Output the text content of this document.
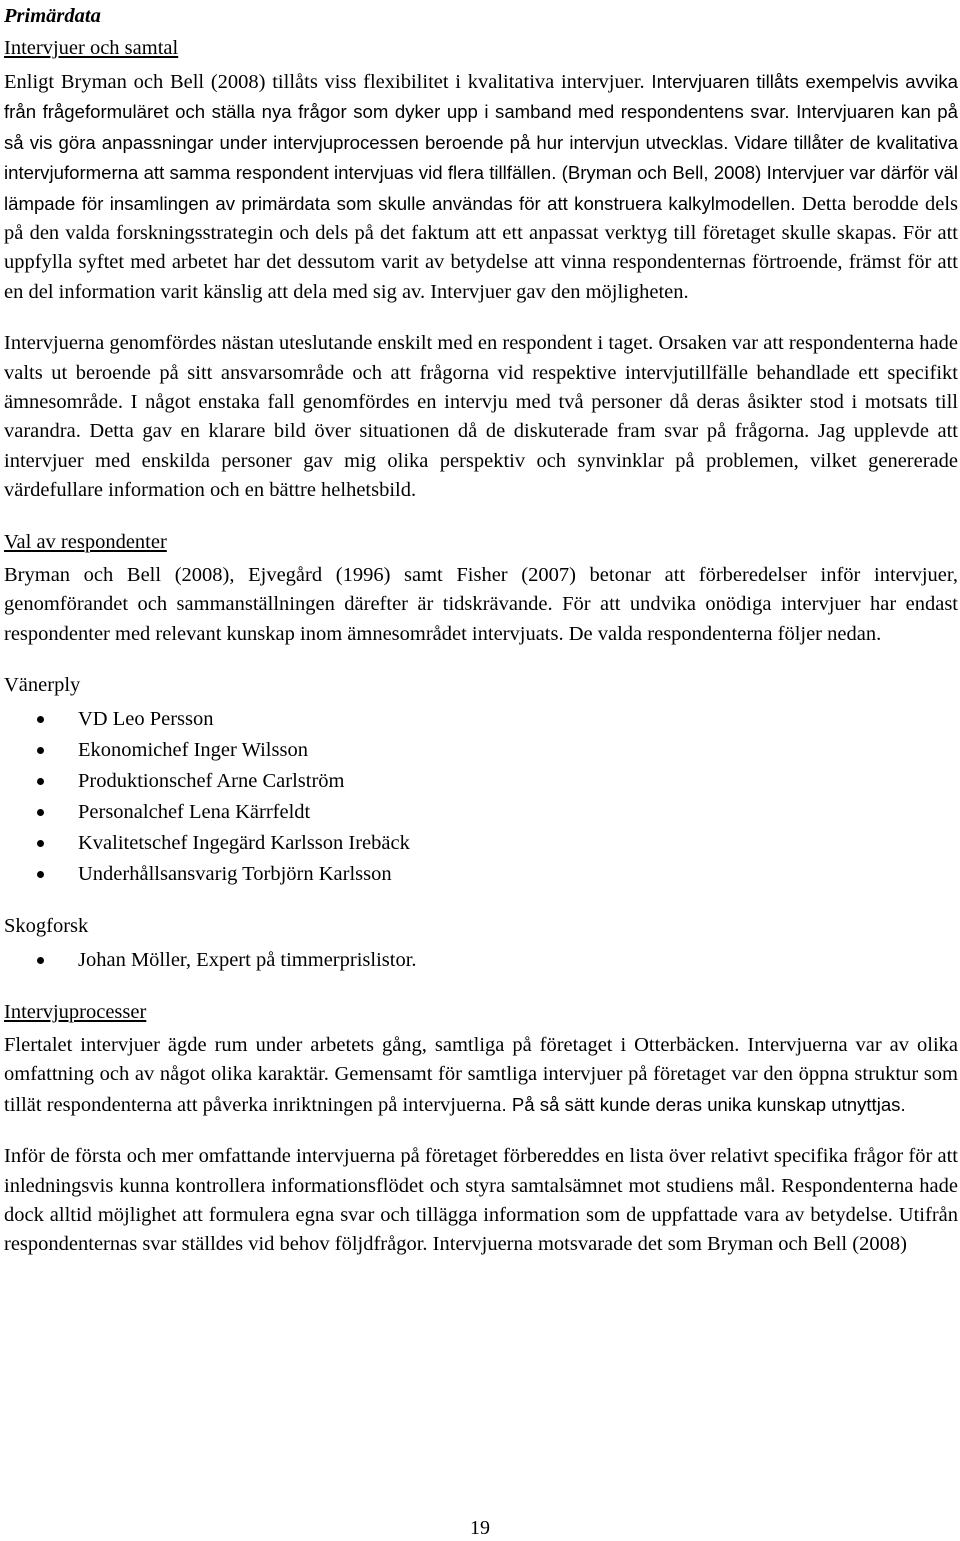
Primärdata
Intervjuer och samtal

Enligt Bryman och Bell (2008) tillåts viss flexibilitet i kvalitativa intervjuer. Intervjuaren tillåts exempelvis avvika från frågeformuläret och ställa nya frågor som dyker upp i samband med respondentens svar. Intervjuaren kan på så vis göra anpassningar under intervjuprocessen beroende på hur intervjun utvecklas. Vidare tillåter de kvalitativa intervjuformerna att samma respondent intervjuas vid flera tillfällen. (Bryman och Bell, 2008) Intervjuer var därför väl lämpade för insamlingen av primärdata som skulle användas för att konstruera kalkylmodellen. Detta berodde dels på den valda forskningsstrategin och dels på det faktum att ett anpassat verktyg till företaget skulle skapas. För att uppfylla syftet med arbetet har det dessutom varit av betydelse att vinna respondenternas förtroende, främst för att en del information varit känslig att dela med sig av. Intervjuer gav den möjligheten.

Intervjuerna genomfördes nästan uteslutande enskilt med en respondent i taget. Orsaken var att respondenterna hade valts ut beroende på sitt ansvarsområde och att frågorna vid respektive intervjutillfälle behandlade ett specifikt ämnesområde. I något enstaka fall genomfördes en intervju med två personer då deras åsikter stod i motsats till varandra. Detta gav en klarare bild över situationen då de diskuterade fram svar på frågorna. Jag upplevde att intervjuer med enskilda personer gav mig olika perspektiv och synvinklar på problemen, vilket genererade värdefullare information och en bättre helhetsbild.

Val av respondenter

Bryman och Bell (2008), Ejvegård (1996) samt Fisher (2007) betonar att förberedelser inför intervjuer, genomförandet och sammanställningen därefter är tidskrävande. För att undvika onödiga intervjuer har endast respondenter med relevant kunskap inom ämnesområdet intervjuats. De valda respondenterna följer nedan.

Vänerply
VD Leo Persson
Ekonomichef Inger Wilsson
Produktionschef Arne Carlström
Personalchef Lena Kärrfeldt
Kvalitetschef Ingegärd Karlsson Irebäck
Underhållsansvarig Torbjörn Karlsson
Skogforsk
Johan Möller, Expert på timmerprislistor.
Intervjuprocesser

Flertalet intervjuer ägde rum under arbetets gång, samtliga på företaget i Otterbäcken. Intervjuerna var av olika omfattning och av något olika karaktär. Gemensamt för samtliga intervjuer på företaget var den öppna struktur som tillät respondenterna att påverka inriktningen på intervjuerna. På så sätt kunde deras unika kunskap utnyttjas.

Inför de första och mer omfattande intervjuerna på företaget förbereddes en lista över relativt specifika frågor för att inledningsvis kunna kontrollera informationsflödet och styra samtalsämnet mot studiens mål. Respondenterna hade dock alltid möjlighet att formulera egna svar och tillägga information som de uppfattade vara av betydelse. Utifrån respondenternas svar ställdes vid behov följdfrågor. Intervjuerna motsvarade det som Bryman och Bell (2008)

19
